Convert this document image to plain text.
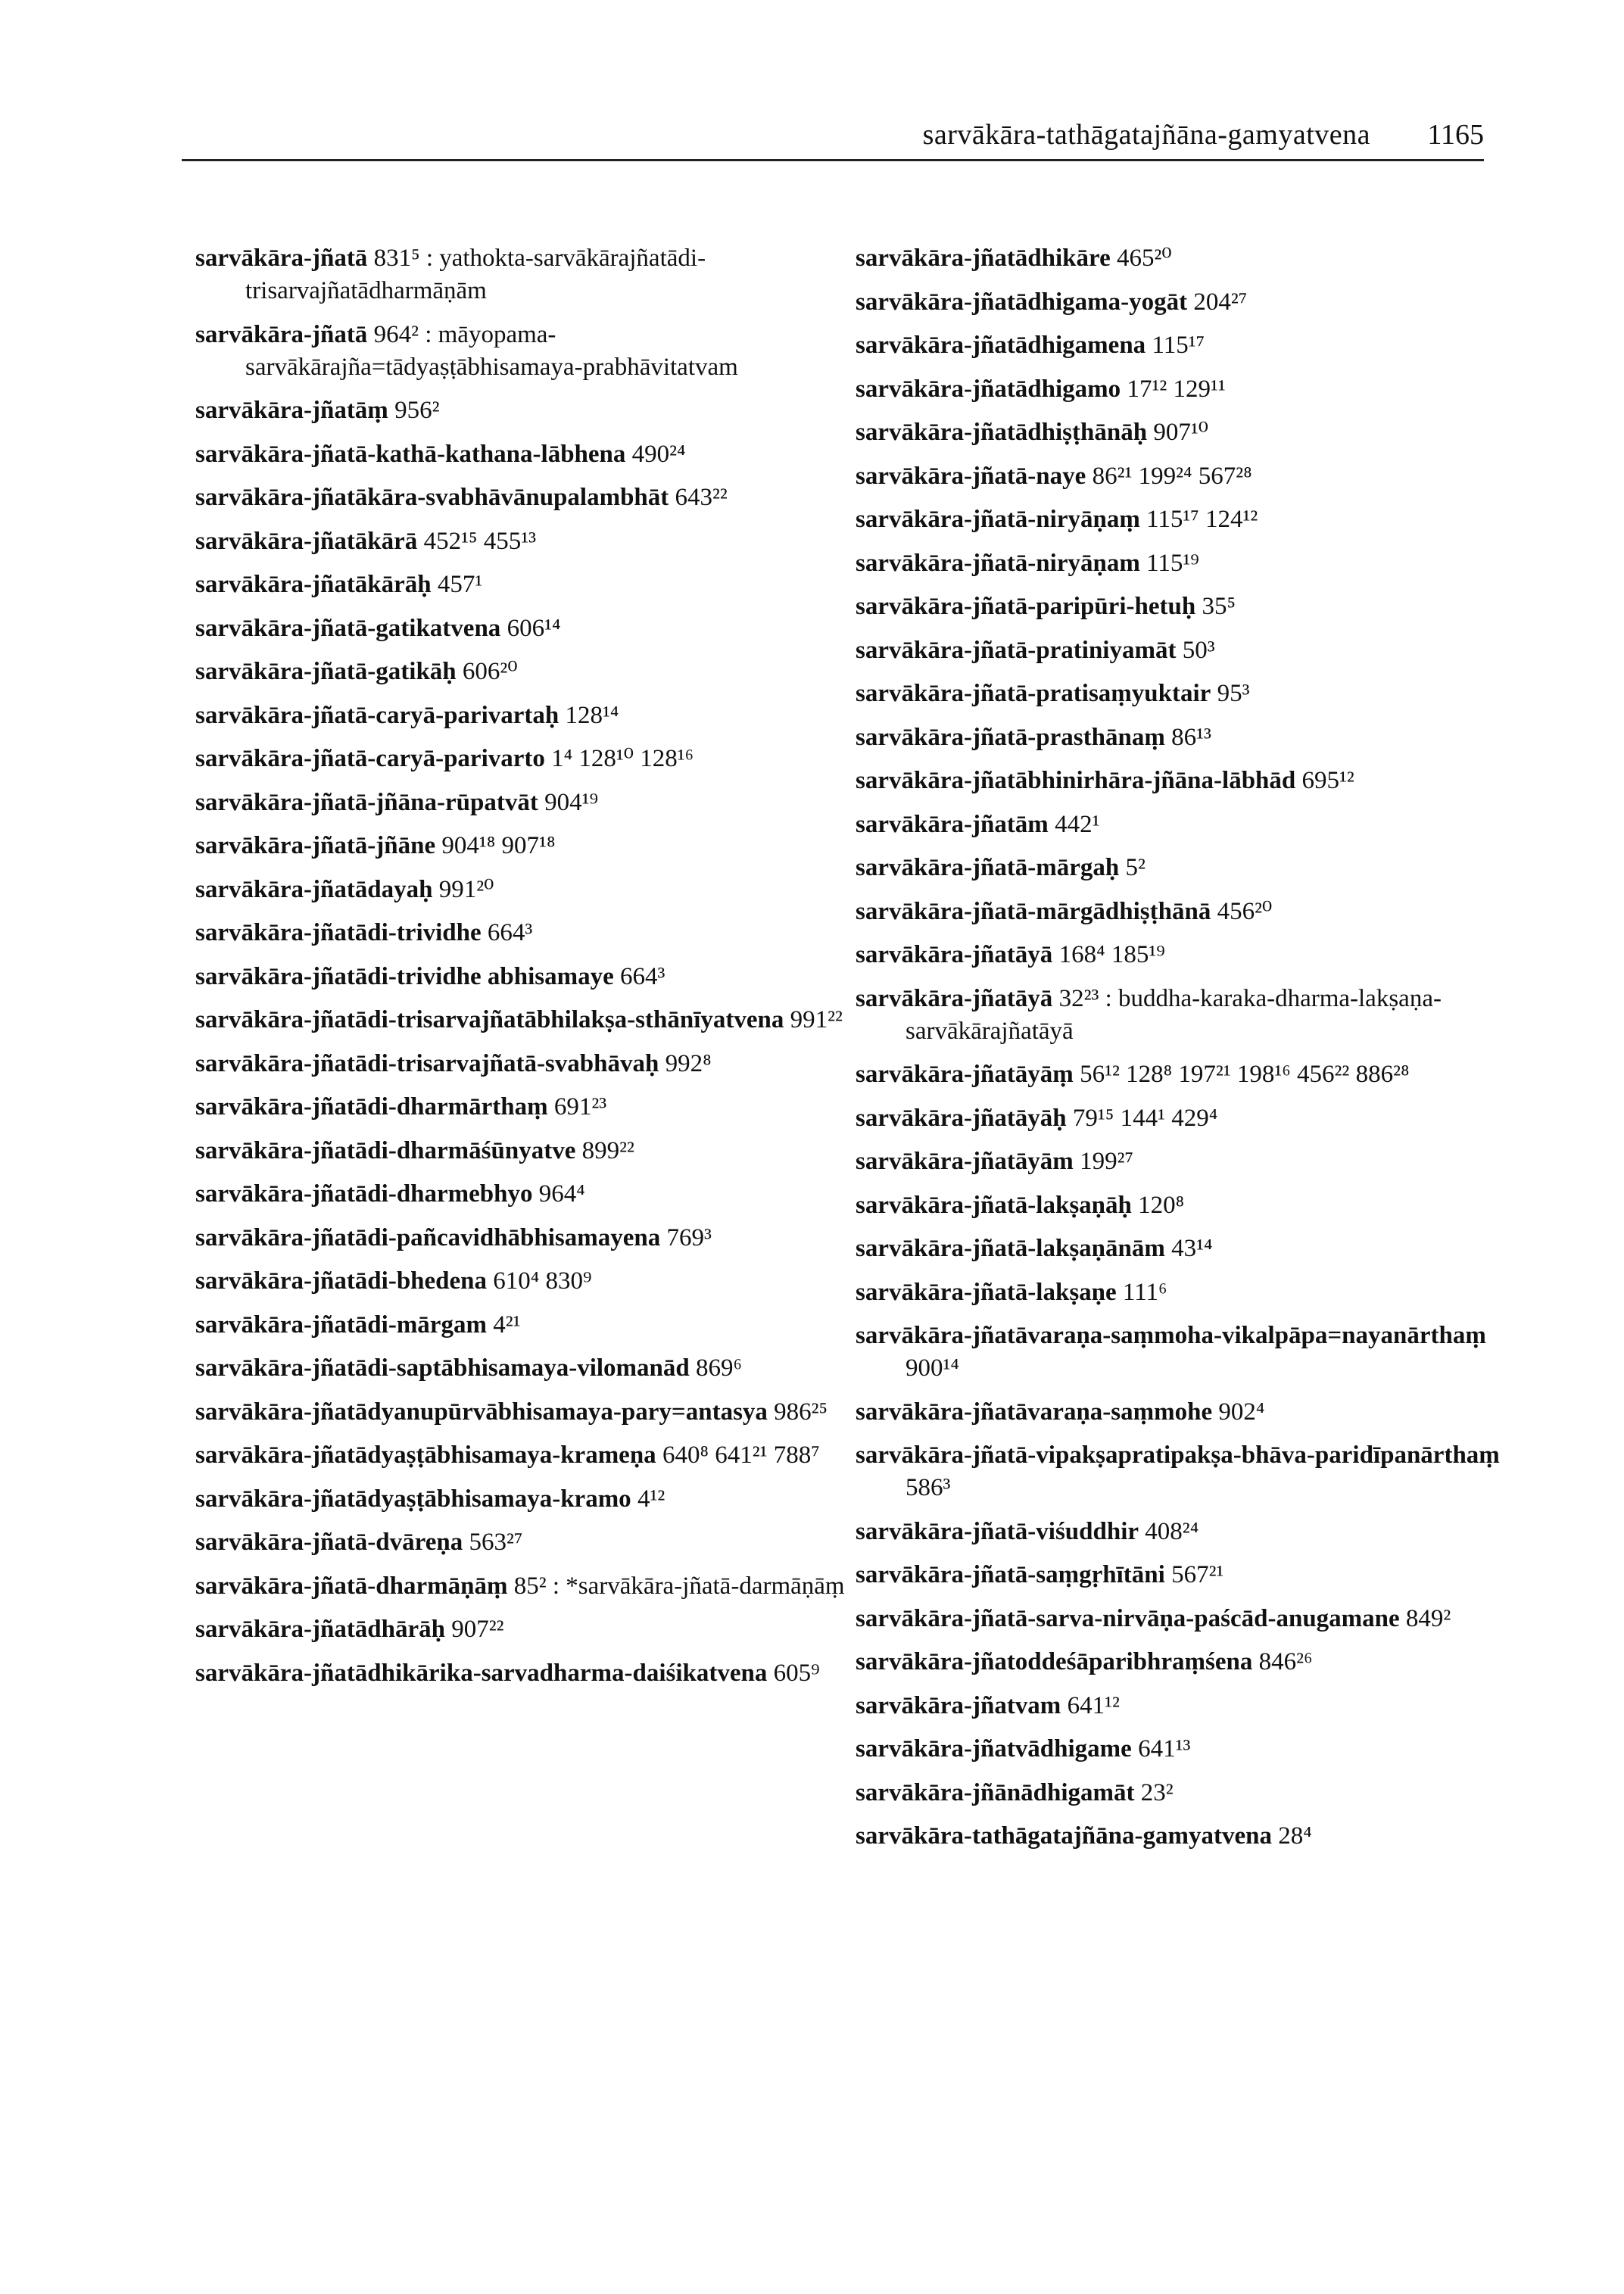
sarvākāra-tathāgatajñāna-gamyatvena 1165
sarvākāra-jñatā 831⁵ : yathokta-sarvākārajñatādi-trisarvajñatādharmāṇām
sarvākāra-jñatā 964² : māyopama-sarvākārajña=tādyaṣṭābhisamaya-prabhāvitatvam
sarvākāra-jñatāṃ 956²
sarvākāra-jñatā-kathā-kathana-lābhena 490²⁴
sarvākāra-jñatākāra-svabhāvānupalambhāt 643²²
sarvākāra-jñatākārā 452¹⁵ 455¹³
sarvākāra-jñatākārāḥ 457¹
sarvākāra-jñatā-gatikatvena 606¹⁴
sarvākāra-jñatā-gatikāḥ 606²⁰
sarvākāra-jñatā-caryā-parivartaḥ 128¹⁴
sarvākāra-jñatā-caryā-parivarto 1⁴ 128¹⁰ 128¹⁶
sarvākāra-jñatā-jñāna-rūpatvāt 904¹⁹
sarvākāra-jñatā-jñāne 904¹⁸ 907¹⁸
sarvākāra-jñatādayaḥ 991²⁰
sarvākāra-jñatādi-trividhe 664³
sarvākāra-jñatādi-trividhe abhisamaye 664³
sarvākāra-jñatādi-trisarvajñatābhilakṣa-sthānīyatvena 991²²
sarvākāra-jñatādi-trisarvajñatā-svabhāvaḥ 992⁸
sarvākāra-jñatādi-dharmārthaṃ 691²³
sarvākāra-jñatādi-dharmāśūnyatve 899²²
sarvākāra-jñatādi-dharmebhyo 964⁴
sarvākāra-jñatādi-pañcavidhābhisamayena 769³
sarvākāra-jñatādi-bhedena 610⁴ 830⁹
sarvākāra-jñatādi-mārgam 4²¹
sarvākāra-jñatādi-saptābhisamaya-vilomanād 869⁶
sarvākāra-jñatādyanupūrvābhisamaya-pary=antasya 986²⁵
sarvākāra-jñatādyaṣṭābhisamaya-krameṇa 640⁸ 641²¹ 788⁷
sarvākāra-jñatādyaṣṭābhisamaya-kramo 4¹²
sarvākāra-jñatā-dvāreṇa 563²⁷
sarvākāra-jñatā-dharmāṇāṃ 85² : *sarvākāra-jñatā-darmāṇāṃ
sarvākāra-jñatādhārāḥ 907²²
sarvākāra-jñatādhikārika-sarvadharma-daiśikatvena 605⁹
sarvākāra-jñatādhikāre 465²⁰
sarvākāra-jñatādhigama-yogāt 204²⁷
sarvākāra-jñatādhigamena 115¹⁷
sarvākāra-jñatādhigamo 17¹² 129¹¹
sarvākāra-jñatādhiṣṭhānāḥ 907¹⁰
sarvākāra-jñatā-naye 86²¹ 199²⁴ 567²⁸
sarvākāra-jñatā-niryāṇaṃ 115¹⁷ 124¹²
sarvākāra-jñatā-niryāṇam 115¹⁹
sarvākāra-jñatā-paripūri-hetuḥ 35⁵
sarvākāra-jñatā-pratiniyamāt 50³
sarvākāra-jñatā-pratisaṃyuktair 95³
sarvākāra-jñatā-prasthānaṃ 86¹³
sarvākāra-jñatābhinirhāra-jñāna-lābhād 695¹²
sarvākāra-jñatām 442¹
sarvākāra-jñatā-mārgaḥ 5²
sarvākāra-jñatā-mārgādhiṣṭhānā 456²⁰
sarvākāra-jñatāyā 168⁴ 185¹⁹
sarvākāra-jñatāyā 32²³ : buddha-karaka-dharma-lakṣaṇa-sarvākārajñatāyā
sarvākāra-jñatāyāṃ 56¹² 128⁸ 197²¹ 198¹⁶ 456²² 886²⁸
sarvākāra-jñatāyāḥ 79¹⁵ 144¹ 429⁴
sarvākāra-jñatāyām 199²⁷
sarvākāra-jñatā-lakṣaṇāḥ 120⁸
sarvākāra-jñatā-lakṣaṇānām 43¹⁴
sarvākāra-jñatā-lakṣaṇe 111⁶
sarvākāra-jñatāvaraṇa-saṃmoha-vikalpāpa=nayanārthaṃ 900¹⁴
sarvākāra-jñatāvaraṇa-saṃmohe 902⁴
sarvākāra-jñatā-vipakṣapratipakṣa-bhāva-paridīpanārthaṃ 586³
sarvākāra-jñatā-viśuddhir 408²⁴
sarvākāra-jñatā-saṃgṛhītāni 567²¹
sarvākāra-jñatā-sarva-nirvāṇa-paścād-anugamane 849²
sarvākāra-jñatoddeśāparibhraṃśena 846²⁶
sarvākāra-jñatvam 641¹²
sarvākāra-jñatvādhigame 641¹³
sarvākāra-jñānādhigamāt 23²
sarvākāra-tathāgatajñāna-gamyatvena 28⁴
